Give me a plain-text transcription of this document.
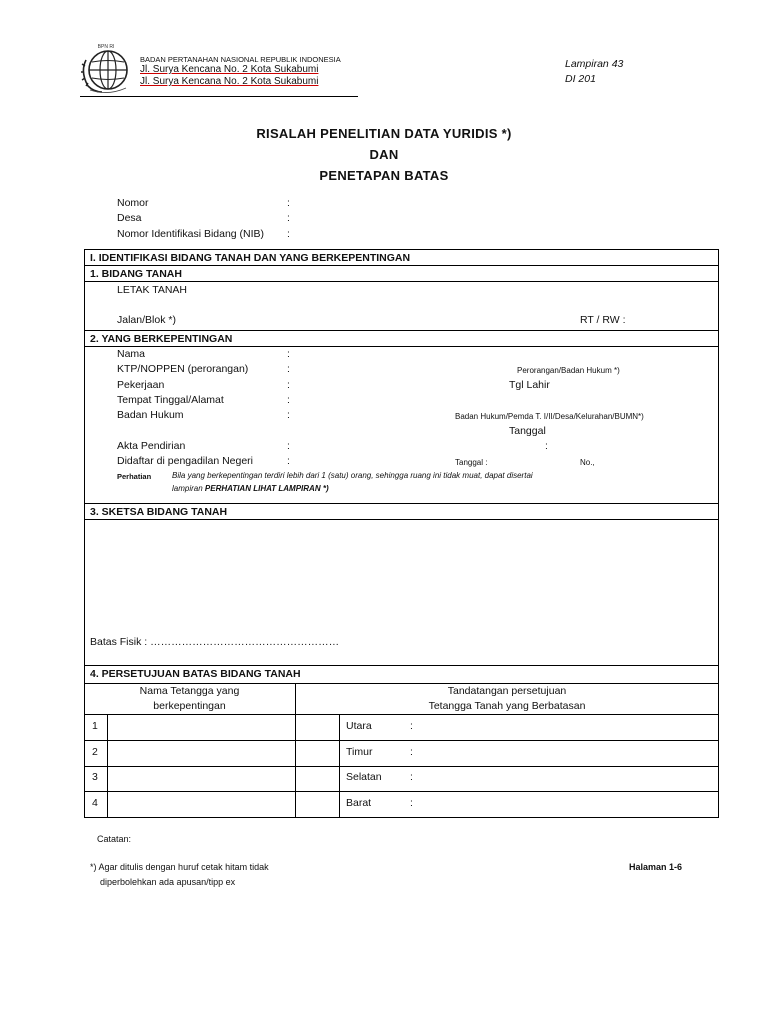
BPN RI
BADAN PERTANAHAN NASIONAL REPUBLIK INDONESIA
Jl. Surya Kencana No. 2 Kota Sukabumi
Jl. Surya Kencana No. 2 Kota Sukabumi
Lampiran 43
DI 201
RISALAH PENELITIAN DATA YURIDIS *)
DAN
PENETAPAN BATAS
Nomor	:
Desa	:
Nomor Identifikasi Bidang (NIB) :
I. IDENTIFIKASI BIDANG TANAH DAN YANG BERKEPENTINGAN
1. BIDANG TANAH
LETAK TANAH
Jalan/Blok *)	RT / RW :
2. YANG BERKEPENTINGAN
Nama	:
KTP/NOPPEN (perorangan)	:	Perorangan/Badan Hukum *)
Pekerjaan	:	Tgl Lahir
Tempat Tinggal/Alamat	:
Badan Hukum	:	Badan Hukum/Pemda T. I/II/Desa/Kelurahan/BUMN*)
Tanggal
Akta Pendirian	:	:
Didaftar di pengadilan Negeri	:	Tanggal :	No.,
Perhatian	Bila yang berkepentingan terdiri lebih dari 1 (satu) orang, sehingga ruang ini tidak muat, dapat disertai
lampiran PERHATIAN LIHAT LAMPIRAN *)
3. SKETSA BIDANG TANAH
Batas Fisik : ………………………………………………
4. PERSETUJUAN BATAS BIDANG TANAH
Nama Tetangga yang
berkepentingan
Tandatangan persetujuan
Tetangga Tanah yang Berbatasan
1	Utara	:
2	Timur	:
3	Selatan	:
4	Barat	:
Catatan:
*) Agar ditulis dengan huruf cetak hitam tidak
diperbolehkan ada apusan/tipp ex
Halaman 1-6
